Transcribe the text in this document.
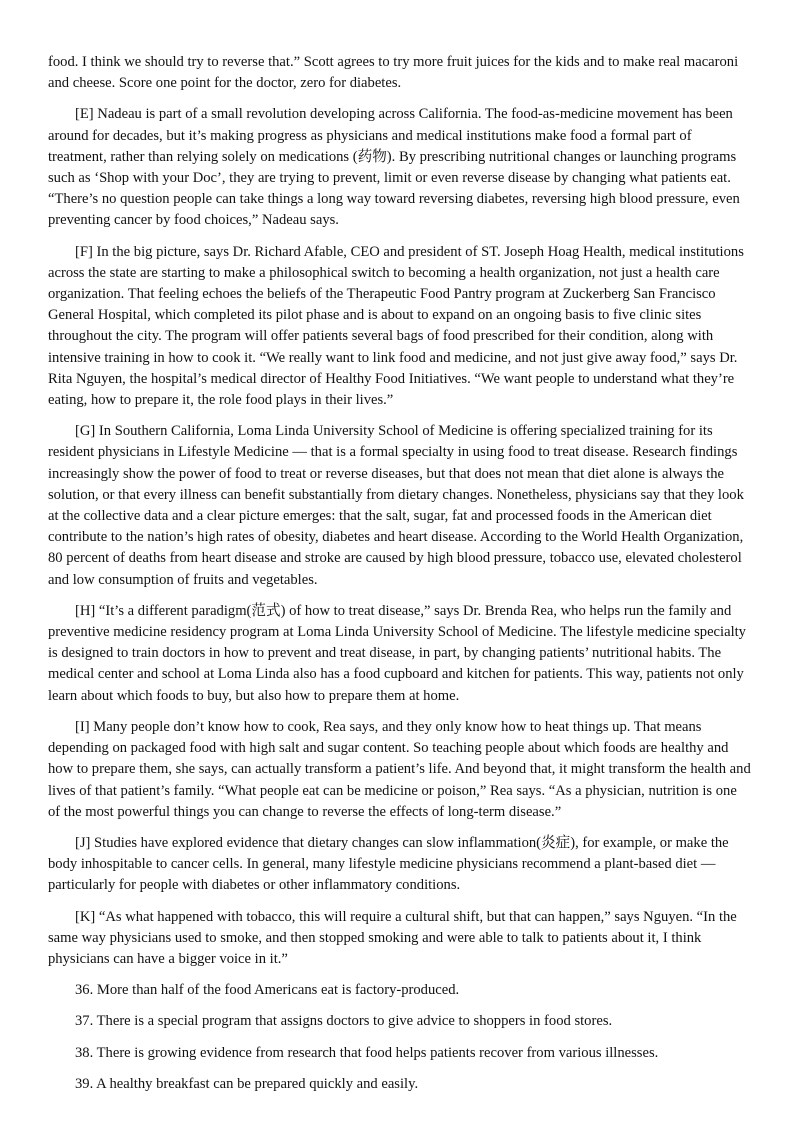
food. I think we should try to reverse that.” Scott agrees to try more fruit juices for the kids and to make real macaroni and cheese. Score one point for the doctor, zero for diabetes.

[E] Nadeau is part of a small revolution developing across California. The food-as-medicine movement has been around for decades, but it’s making progress as physicians and medical institutions make food a formal part of treatment, rather than relying solely on medications (药物). By prescribing nutritional changes or launching programs such as ‘Shop with your Doc’, they are trying to prevent, limit or even reverse disease by changing what patients eat. “There’s no question people can take things a long way toward reversing diabetes, reversing high blood pressure, even preventing cancer by food choices,” Nadeau says.

[F] In the big picture, says Dr. Richard Afable, CEO and president of ST. Joseph Hoag Health, medical institutions across the state are starting to make a philosophical switch to becoming a health organization, not just a health care organization. That feeling echoes the beliefs of the Therapeutic Food Pantry program at Zuckerberg San Francisco General Hospital, which completed its pilot phase and is about to expand on an ongoing basis to five clinic sites throughout the city. The program will offer patients several bags of food prescribed for their condition, along with intensive training in how to cook it. “We really want to link food and medicine, and not just give away food,” says Dr. Rita Nguyen, the hospital’s medical director of Healthy Food Initiatives. “We want people to understand what they’re eating, how to prepare it, the role food plays in their lives.”

[G] In Southern California, Loma Linda University School of Medicine is offering specialized training for its resident physicians in Lifestyle Medicine — that is a formal specialty in using food to treat disease. Research findings increasingly show the power of food to treat or reverse diseases, but that does not mean that diet alone is always the solution, or that every illness can benefit substantially from dietary changes. Nonetheless, physicians say that they look at the collective data and a clear picture emerges: that the salt, sugar, fat and processed foods in the American diet contribute to the nation’s high rates of obesity, diabetes and heart disease. According to the World Health Organization, 80 percent of deaths from heart disease and stroke are caused by high blood pressure, tobacco use, elevated cholesterol and low consumption of fruits and vegetables.

[H] “It’s a different paradigm(范式) of how to treat disease,” says Dr. Brenda Rea, who helps run the family and preventive medicine residency program at Loma Linda University School of Medicine. The lifestyle medicine specialty is designed to train doctors in how to prevent and treat disease, in part, by changing patients’ nutritional habits. The medical center and school at Loma Linda also has a food cupboard and kitchen for patients. This way, patients not only learn about which foods to buy, but also how to prepare them at home.

[I] Many people don’t know how to cook, Rea says, and they only know how to heat things up. That means depending on packaged food with high salt and sugar content. So teaching people about which foods are healthy and how to prepare them, she says, can actually transform a patient’s life. And beyond that, it might transform the health and lives of that patient’s family. “What people eat can be medicine or poison,” Rea says. “As a physician, nutrition is one of the most powerful things you can change to reverse the effects of long-term disease.”

[J] Studies have explored evidence that dietary changes can slow inflammation(炎症), for example, or make the body inhospitable to cancer cells. In general, many lifestyle medicine physicians recommend a plant-based diet — particularly for people with diabetes or other inflammatory conditions.

[K] “As what happened with tobacco, this will require a cultural shift, but that can happen,” says Nguyen. “In the same way physicians used to smoke, and then stopped smoking and were able to talk to patients about it, I think physicians can have a bigger voice in it.”

36. More than half of the food Americans eat is factory-produced.

37. There is a special program that assigns doctors to give advice to shoppers in food stores.

38. There is growing evidence from research that food helps patients recover from various illnesses.

39. A healthy breakfast can be prepared quickly and easily.
